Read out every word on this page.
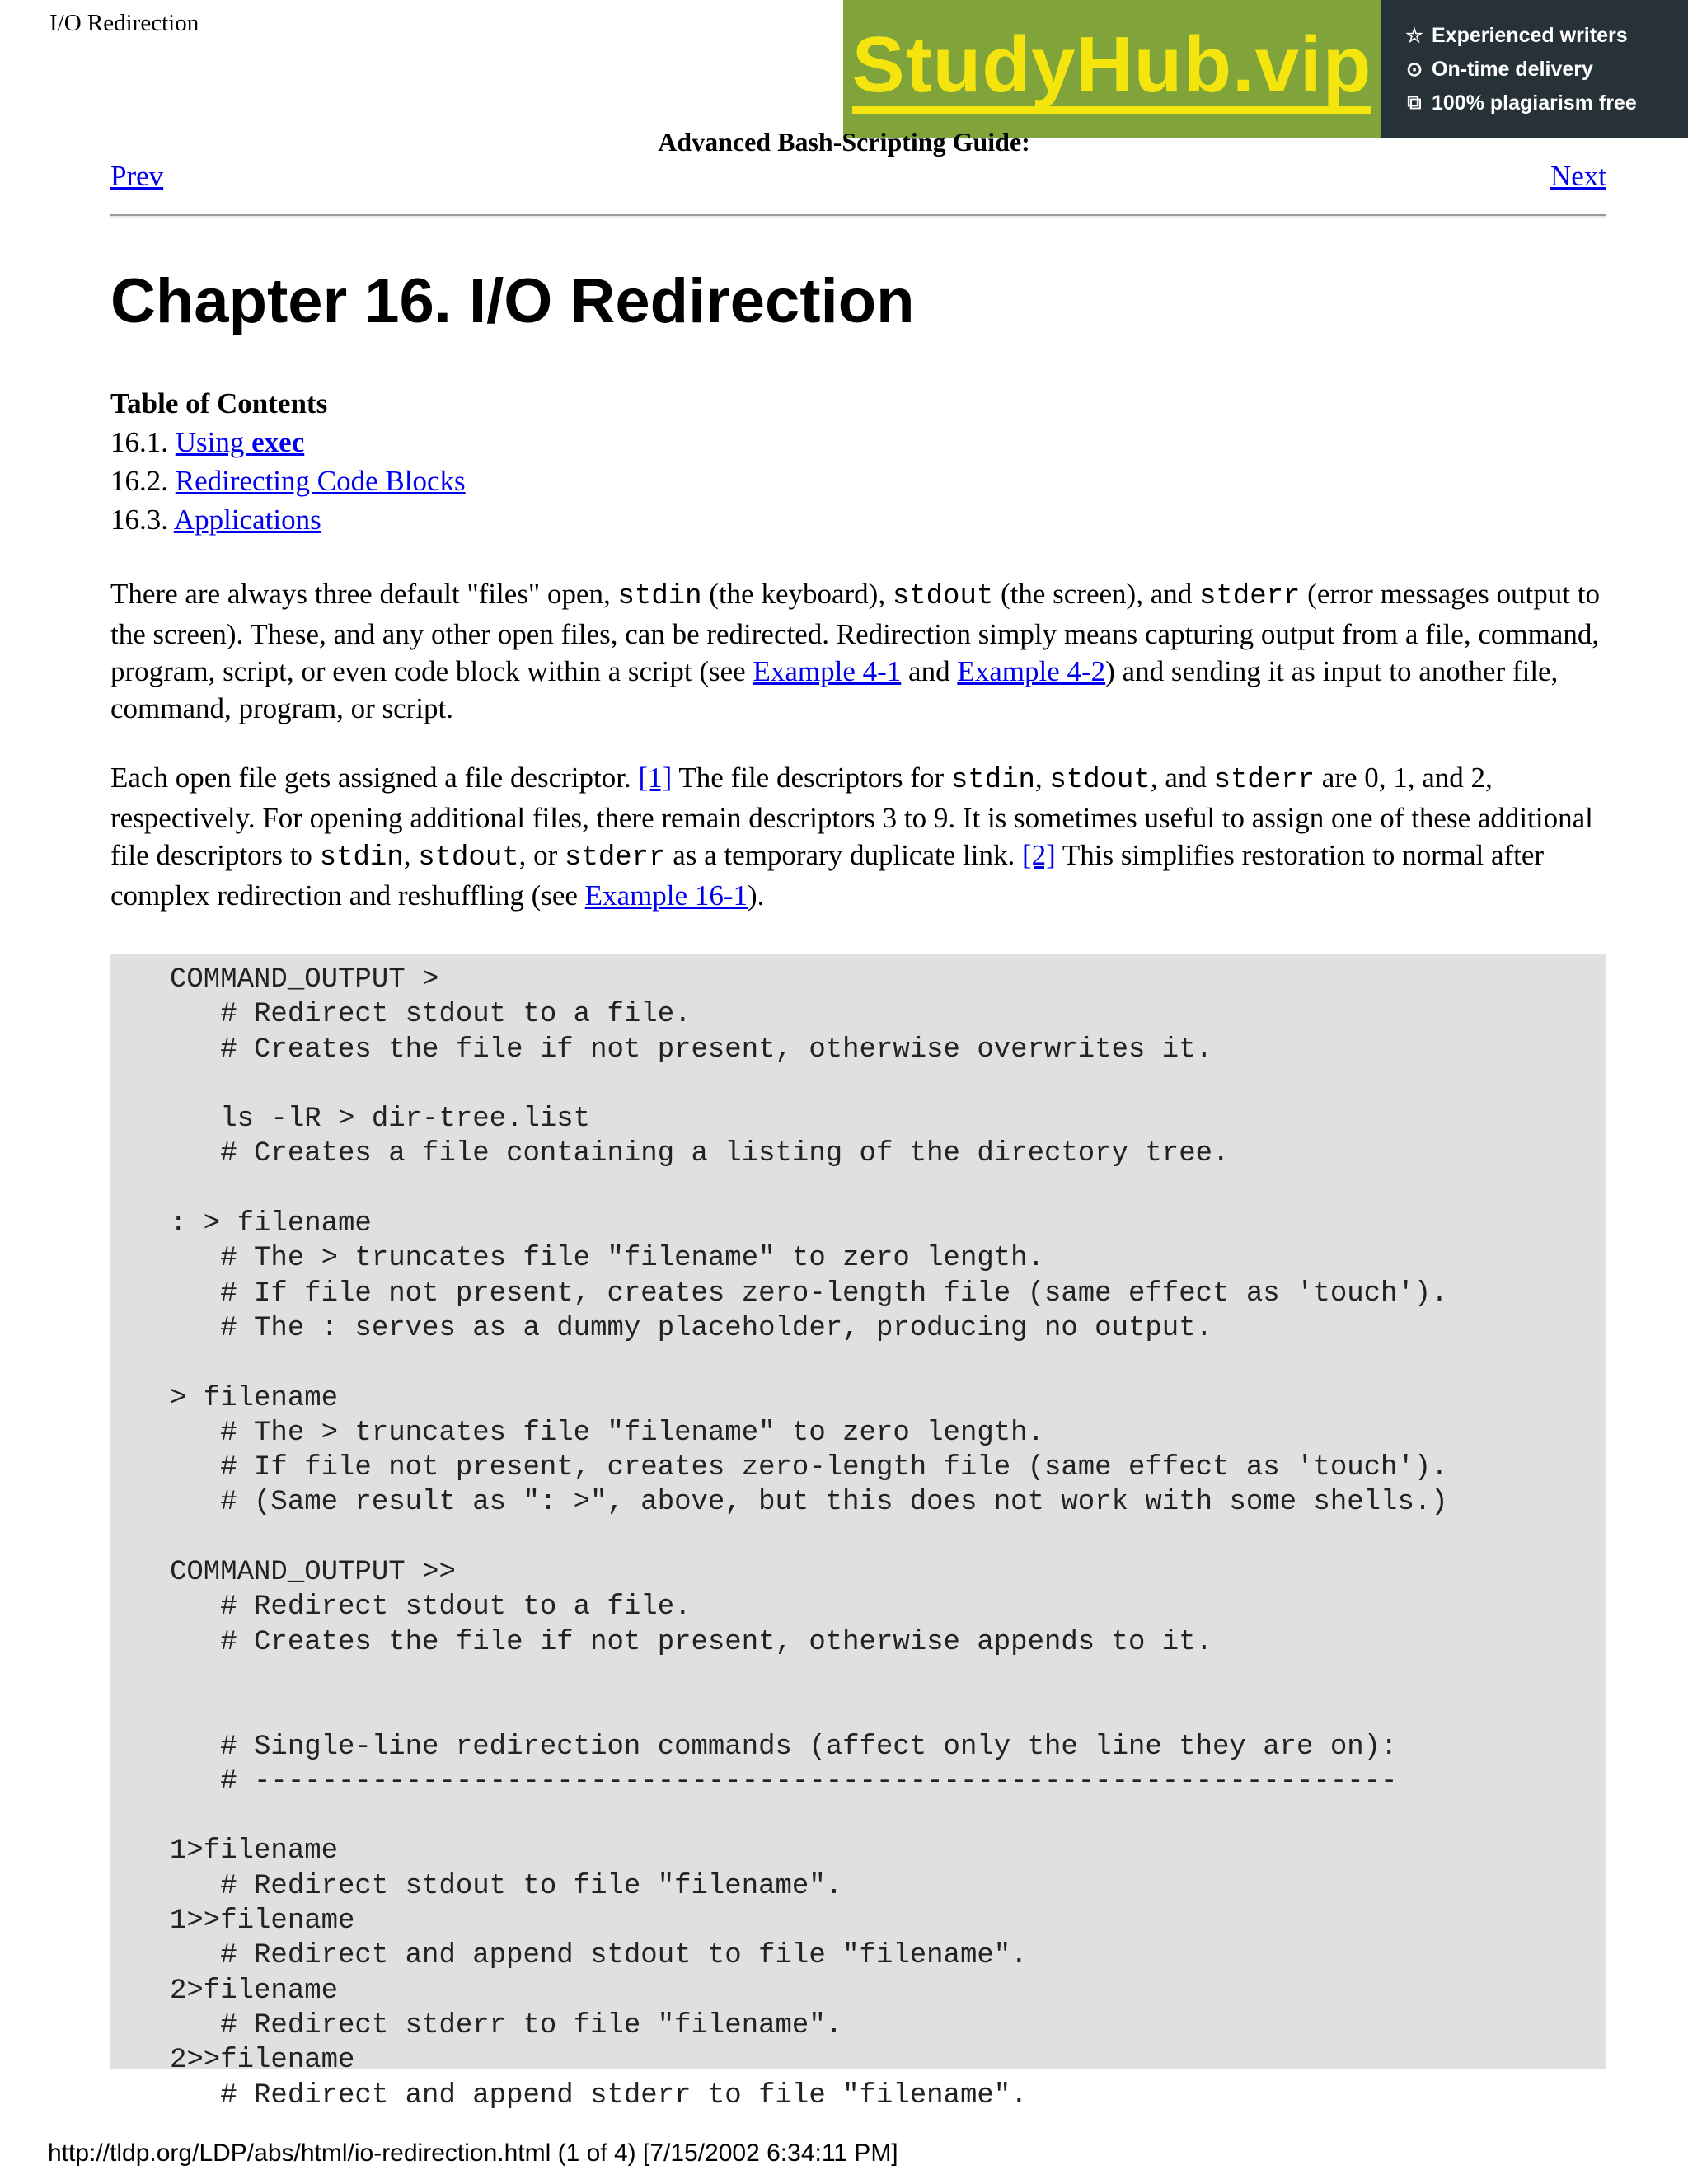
I/O Redirection	StudyHub.vip ☆ Experienced writers
⊙ On-time delivery
⧉ 100% plagiarism free
Advanced Bash-Scripting Guide:
Prev	Next
Chapter 16. I/O Redirection
Table of Contents
16.1. Using exec
16.2. Redirecting Code Blocks
16.3. Applications

There are always three default "files" open, stdin (the keyboard), stdout (the screen), and stderr (error messages output to the screen). These, and any other open files, can be redirected. Redirection simply means capturing output from a file, command, program, script, or even code block within a script (see Example 4-1 and Example 4-2) and sending it as input to another file, command, program, or script.

Each open file gets assigned a file descriptor. [1] The file descriptors for stdin, stdout, and stderr are 0, 1, and 2, respectively. For opening additional files, there remain descriptors 3 to 9. It is sometimes useful to assign one of these additional file descriptors to stdin, stdout, or stderr as a temporary duplicate link. [2] This simplifies restoration to normal after complex redirection and reshuffling (see Example 16-1).

COMMAND_OUTPUT >
# Redirect stdout to a file.
# Creates the file if not present, otherwise overwrites it.

ls -lR > dir-tree.list
# Creates a file containing a listing of the directory tree.

: > filename
# The > truncates file "filename" to zero length.
# If file not present, creates zero-length file (same effect as 'touch').
# The : serves as a dummy placeholder, producing no output.

> filename
# The > truncates file "filename" to zero length.
# If file not present, creates zero-length file (same effect as 'touch').
# (Same result as ": >", above, but this does not work with some shells.)

COMMAND_OUTPUT >>
# Redirect stdout to a file.
# Creates the file if not present, otherwise appends to it.

# Single-line redirection commands (affect only the line they are on):
# --------------------------------------------------------------------

1>filename
# Redirect stdout to file "filename".
1>>filename
# Redirect and append stdout to file "filename".
2>filename
# Redirect stderr to file "filename".
2>>filename
# Redirect and append stderr to file "filename".
http://tldp.org/LDP/abs/html/io-redirection.html (1 of 4) [7/15/2002 6:34:11 PM]
